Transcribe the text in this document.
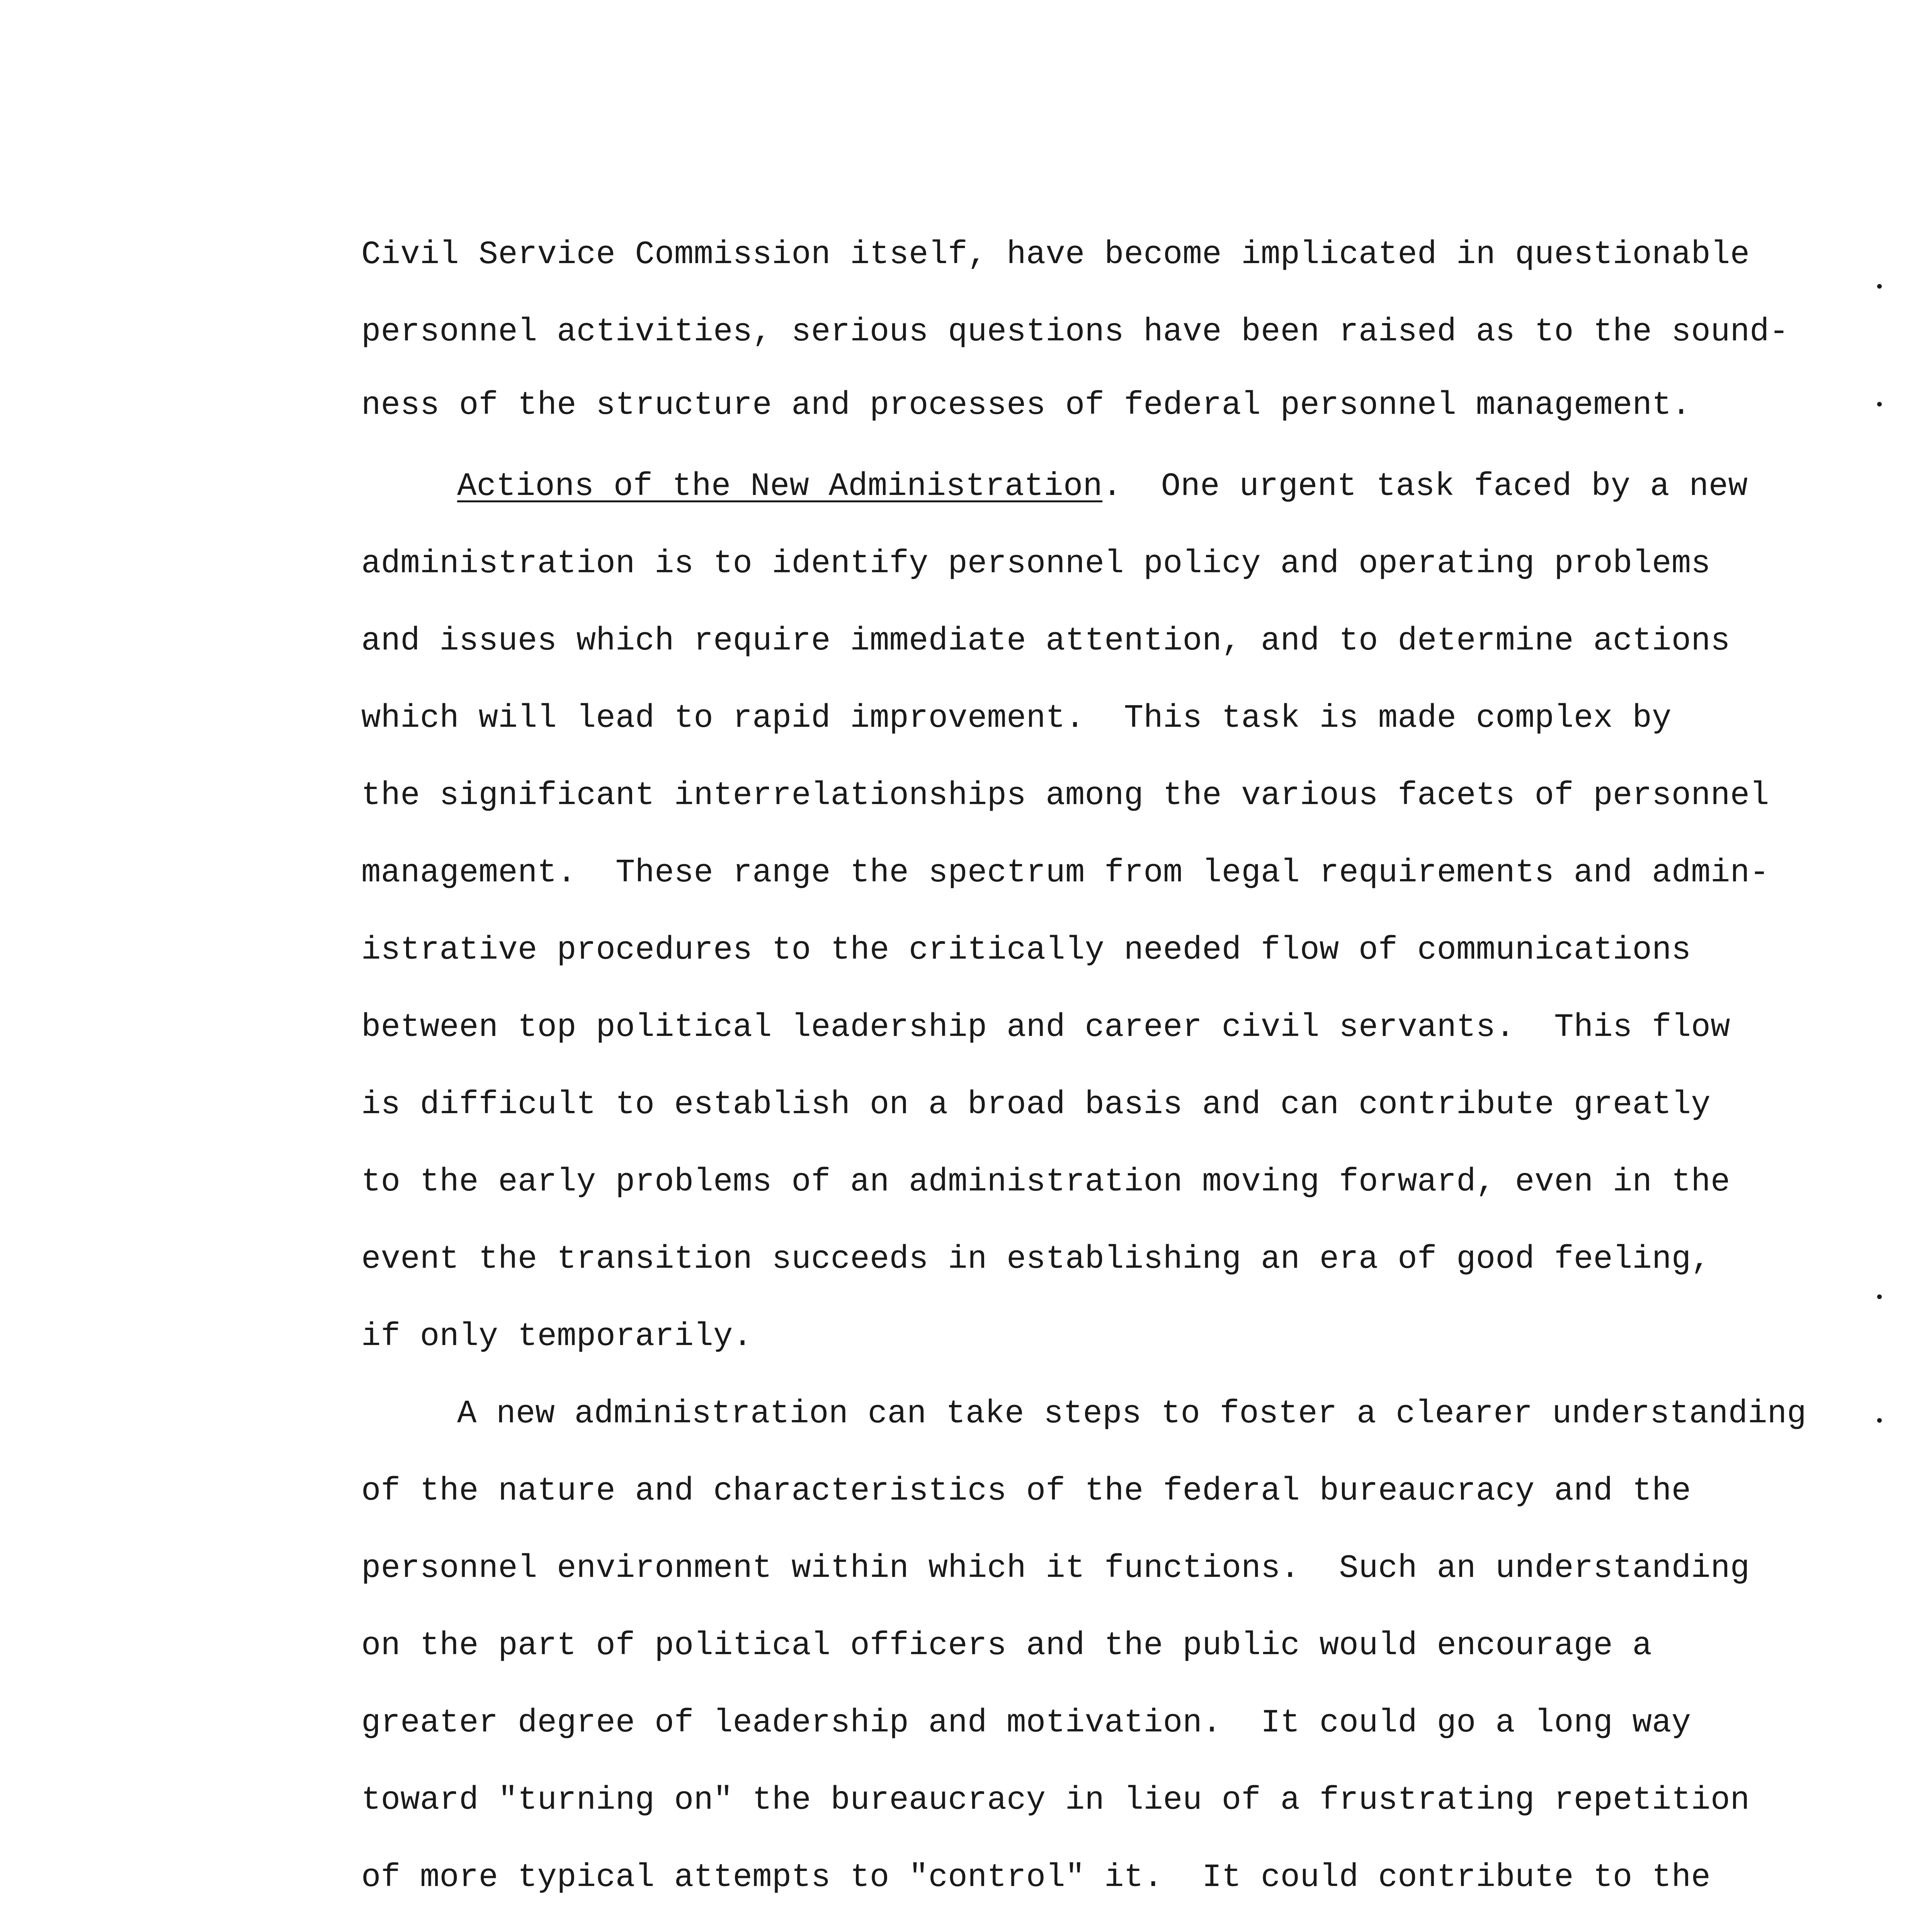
Civil Service Commission itself, have become implicated in questionable
personnel activities, serious questions have been raised as to the sound-
ness of the structure and processes of federal personnel management.
Actions of the New Administration.  One urgent task faced by a new
administration is to identify personnel policy and operating problems
and issues which require immediate attention, and to determine actions
which will lead to rapid improvement.  This task is made complex by
the significant interrelationships among the various facets of personnel
management.  These range the spectrum from legal requirements and admin-
istrative procedures to the critically needed flow of communications
between top political leadership and career civil servants.  This flow
is difficult to establish on a broad basis and can contribute greatly
to the early problems of an administration moving forward, even in the
event the transition succeeds in establishing an era of good feeling,
if only temporarily.
A new administration can take steps to foster a clearer understanding
of the nature and characteristics of the federal bureaucracy and the
personnel environment within which it functions.  Such an understanding
on the part of political officers and the public would encourage a
greater degree of leadership and motivation.  It could go a long way
toward "turning on" the bureaucracy in lieu of a frustrating repetition
of more typical attempts to "control" it.  It could contribute to the
